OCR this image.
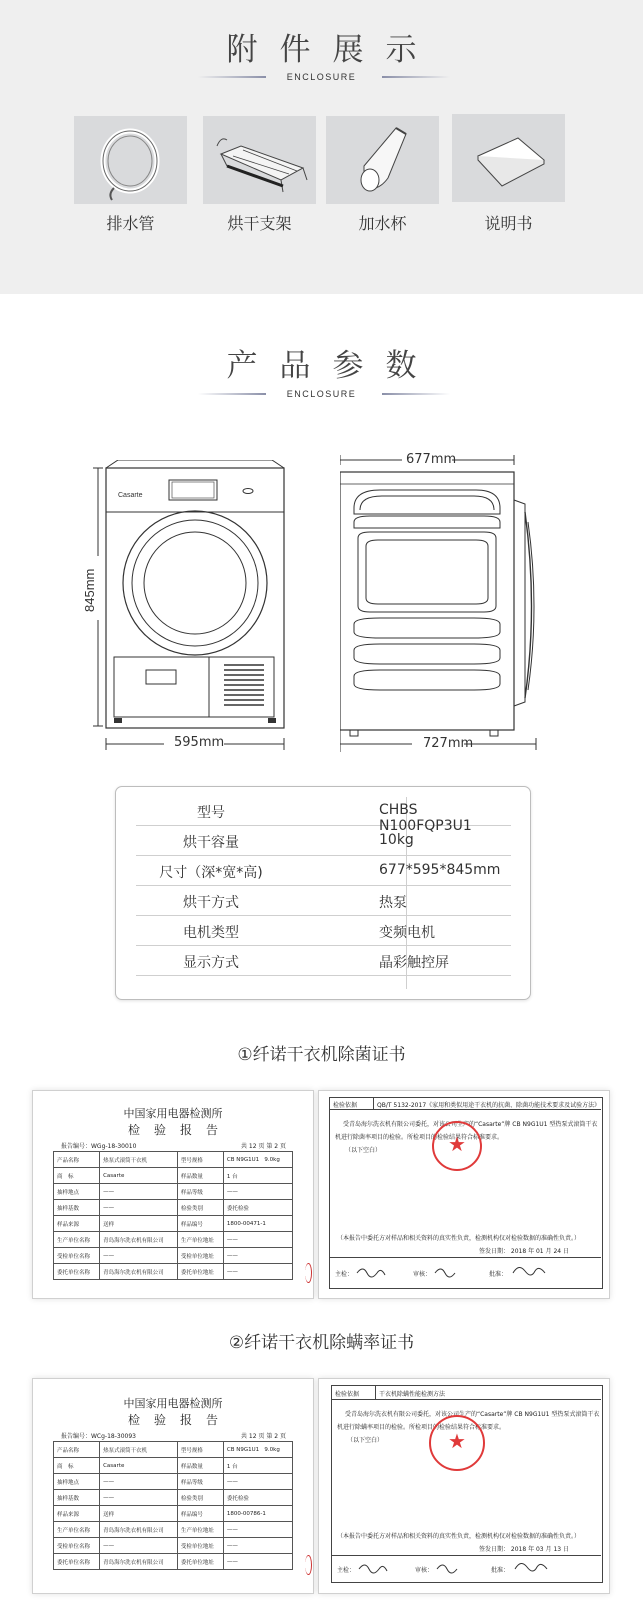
附件展示
ENCLOSURE
排水管	烘干支架	加水杯	说明书
产品参数
ENCLOSURE
Casarte
845mm
595mm
677mm
727mm
型号	CHBS N100FQP3U1
烘干容量	10kg
尺寸（深*宽*高)	677*595*845mm
烘干方式	热泵
电机类型	变频电机
显示方式	晶彩触控屏
①纤诺干衣机除菌证书
中国家用电器检测所
检验报告
报告编号：WGg-18-30010	共 12 页 第 2 页
产品名称	热泵式滚筒干衣机	型号规格	CB N9G1U1 9.0kg
商　标	Casarte	样品数量	1 台
抽样地点	——	样品等级	——
抽样基数	——	检验类别	委托检验
样品来源	送样	样品编号	1800-00471-1
生产单位名称	青岛海尔洗衣机有限公司	生产单位地址	——
受检单位名称	——	受检单位地址	——
委托单位名称	青岛海尔洗衣机有限公司	委托单位地址	——
检验依据	QB/T 5132-2017《家用和类似用途干衣机的抗菌、除菌功能技术要求及试验方法》
受青岛海尔洗衣机有限公司委托，对该公司生产的“Casarte”牌 CB N9G1U1 型热泵式滚筒干衣
机进行除菌率项目的检验。所检项目的检验结果符合标准要求。
（以下空白）	★
（本报告中委托方对样品和相关资料的真实性负责，检测机构仅对检验数据的准确性负责。）
签发日期： 2018 年 01 月 24 日
主检：	审核：	批准：
②纤诺干衣机除螨率证书
中国家用电器检测所
检验报告
报告编号：WCg-18-30093	共 12 页 第 2 页
产品名称	热泵式滚筒干衣机	型号规格	CB N9G1U1 9.0kg
商　标	Casarte	样品数量	1 台
抽样地点	——	样品等级	——
抽样基数	——	检验类别	委托检验
样品来源	送样	样品编号	1800-00786-1
生产单位名称	青岛海尔洗衣机有限公司	生产单位地址	——
受检单位名称	——	受检单位地址	——
委托单位名称	青岛海尔洗衣机有限公司	委托单位地址	——
检验依据	干衣机除螨性能检测方法
受青岛海尔洗衣机有限公司委托，对该公司生产的“Casarte”牌 CB N9G1U1 型热泵式滚筒干衣
机进行除螨率项目的检验。所检项目的检验结果符合标准要求。
（以下空白）	★
（本报告中委托方对样品和相关资料的真实性负责，检测机构仅对检验数据的准确性负责。）
签发日期： 2018 年 03 月 13 日
主检：	审核：	批准：
